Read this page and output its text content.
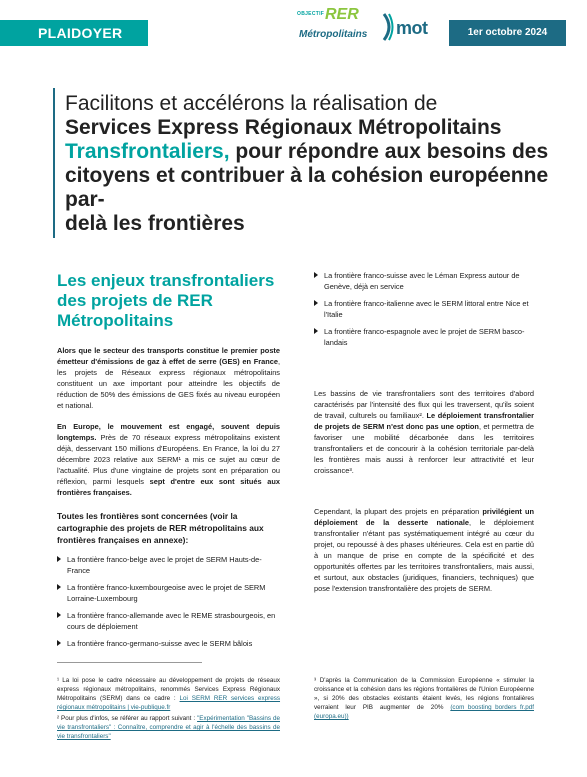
PLAIDOYER
OBJECTIF RER
Métropolitains mot	1er octobre 2024
Facilitons et accélérons la réalisation de
Services Express Régionaux Métropolitains
Transfrontaliers, pour répondre aux besoins des
citoyens et contribuer à la cohésion européenne par-
delà les frontières
Les enjeux transfrontaliers des projets de RER Métropolitains

Alors que le secteur des transports constitue le premier poste émetteur d'émissions de gaz à effet de serre (GES) en France, les projets de Réseaux express régionaux métropolitains constituent un axe important pour atteindre les objectifs de réduction de 50% des émissions de GES fixés au niveau européen et national.

En Europe, le mouvement est engagé, souvent depuis longtemps. Près de 70 réseaux express métropolitains existent déjà, desservant 150 millions d'Européens. En France, la loi du 27 décembre 2023 relative aux SERM¹ a mis ce sujet au cœur de l'actualité. Plus d'une vingtaine de projets sont en préparation ou réflexion, parmi lesquels sept d'entre eux sont situés aux frontières françaises.

Toutes les frontières sont concernées (voir la cartographie des projets de RER métropolitains aux frontières françaises en annexe):
La frontière franco-belge avec le projet de SERM Hauts-de-France
La frontière franco-luxembourgeoise avec le projet de SERM Lorraine-Luxembourg
La frontière franco-allemande avec le REME strasbourgeois, en cours de déploiement
La frontière franco-germano-suisse avec le SERM bâlois
La frontière franco-suisse avec le Léman Express autour de Genève, déjà en service
La frontière franco-italienne avec le SERM littoral entre Nice et l'Italie
La frontière franco-espagnole avec le projet de SERM basco-landais

Les bassins de vie transfrontaliers sont des territoires d'abord caractérisés par l'intensité des flux qui les traversent, qu'ils soient de travail, culturels ou familiaux². Le déploiement transfrontalier de projets de SERM n'est donc pas une option, et permettra de favoriser une mobilité décarbonée dans les territoires transfrontaliers et de concourir à la cohésion territoriale par-delà les frontières mais aussi à renforcer leur attractivité et leur croissance³.

Cependant, la plupart des projets en préparation privilégient un déploiement de la desserte nationale, le déploiement transfrontalier n'étant pas systématiquement intégré au cœur du projet, ou repoussé à des phases ultérieures. Cela est en partie dû à un manque de prise en compte de la spécificité et des opportunités offertes par les territoires transfrontaliers, mais aussi, et surtout, aux obstacles (juridiques, financiers, techniques) que pose l'extension transfrontalière des projets de SERM.

¹ La loi pose le cadre nécessaire au développement de projets de réseaux express régionaux métropolitains, renommés Services Express Régionaux Métropolitains (SERM) dans ce cadre : Loi SERM RER services express régionaux métropolitains | vie-publique.fr

² Pour plus d'infos, se référer au rapport suivant : "Expérimentation "Bassins de vie transfrontaliers" : Connaître, comprendre et agir à l'échelle des bassins de vie transfrontaliers"

³ D'après la Communication de la Commission Européenne « stimuler la croissance et la cohésion dans les régions frontalières de l'Union Européenne », si 20% des obstacles existants étaient levés, les régions frontalières verraient leur PIB augmenter de 20% (com_boosting_borders_fr.pdf (europa.eu))
